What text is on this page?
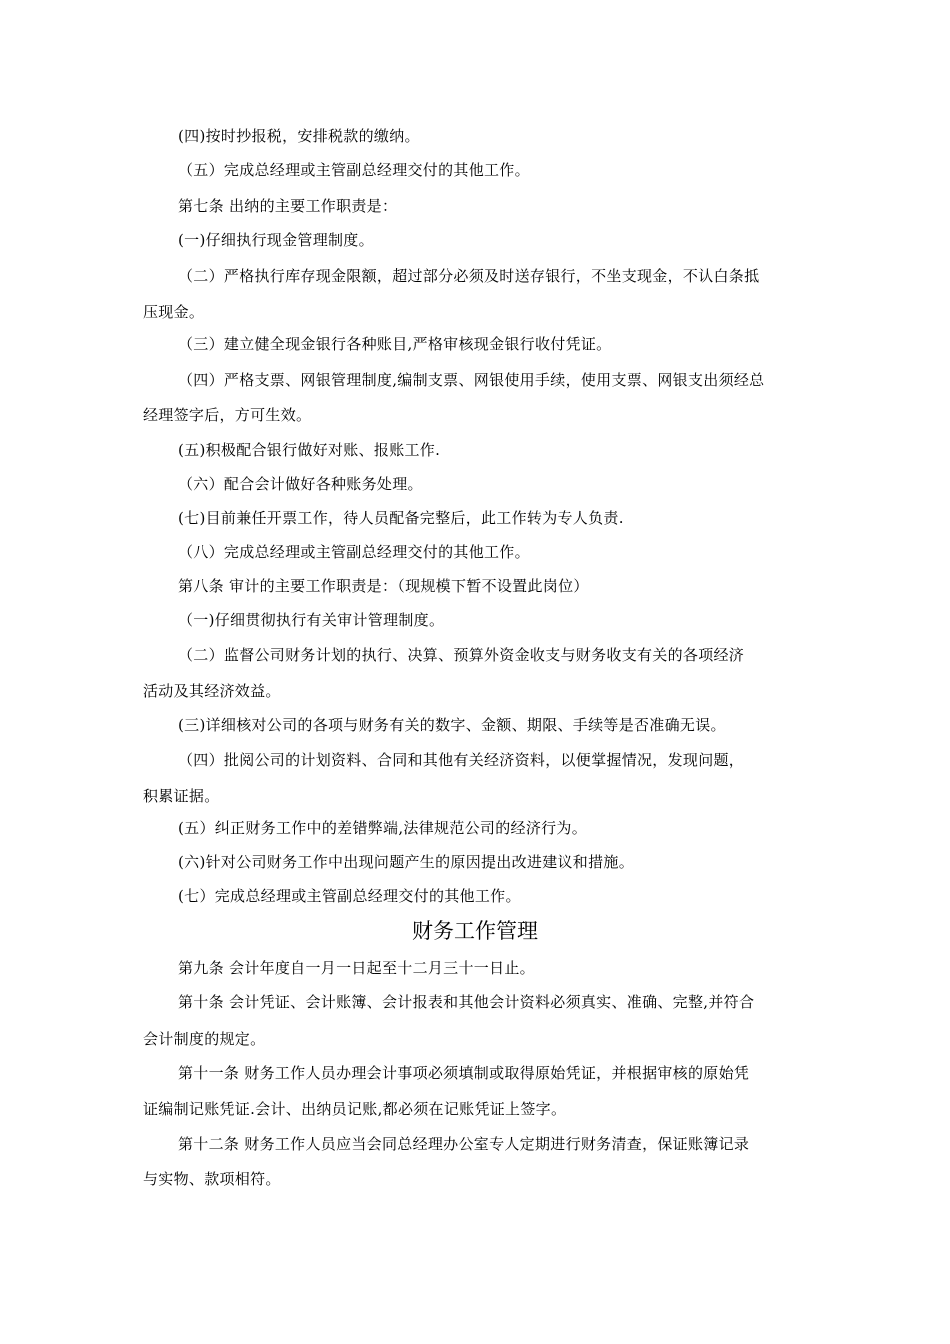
(四)按时抄报税，安排税款的缴纳。
（五）完成总经理或主管副总经理交付的其他工作。
第七条 出纳的主要工作职责是：
(一)仔细执行现金管理制度。
（二）严格执行库存现金限额，超过部分必须及时送存银行，不坐支现金，不认白条抵
压现金。
（三）建立健全现金银行各种账目,严格审核现金银行收付凭证。
（四）严格支票、网银管理制度,编制支票、网银使用手续，使用支票、网银支出须经总
经理签字后，方可生效。
(五)积极配合银行做好对账、报账工作.
（六）配合会计做好各种账务处理。
(七)目前兼任开票工作，待人员配备完整后，此工作转为专人负责.
（八）完成总经理或主管副总经理交付的其他工作。
第八条 审计的主要工作职责是：（现规模下暂不设置此岗位）
（一)仔细贯彻执行有关审计管理制度。
（二）监督公司财务计划的执行、决算、预算外资金收支与财务收支有关的各项经济
活动及其经济效益。
(三)详细核对公司的各项与财务有关的数字、金额、期限、手续等是否准确无误。
（四）批阅公司的计划资料、合同和其他有关经济资料，以便掌握情况，发现问题，
积累证据。
(五）纠正财务工作中的差错弊端,法律规范公司的经济行为。
(六)针对公司财务工作中出现问题产生的原因提出改进建议和措施。
(七）完成总经理或主管副总经理交付的其他工作。
财务工作管理
第九条 会计年度自一月一日起至十二月三十一日止。
第十条 会计凭证、会计账簿、会计报表和其他会计资料必须真实、准确、完整,并符合
会计制度的规定。
第十一条 财务工作人员办理会计事项必须填制或取得原始凭证，并根据审核的原始凭
证编制记账凭证.会计、出纳员记账,都必须在记账凭证上签字。
第十二条 财务工作人员应当会同总经理办公室专人定期进行财务清查，保证账簿记录
与实物、款项相符。
